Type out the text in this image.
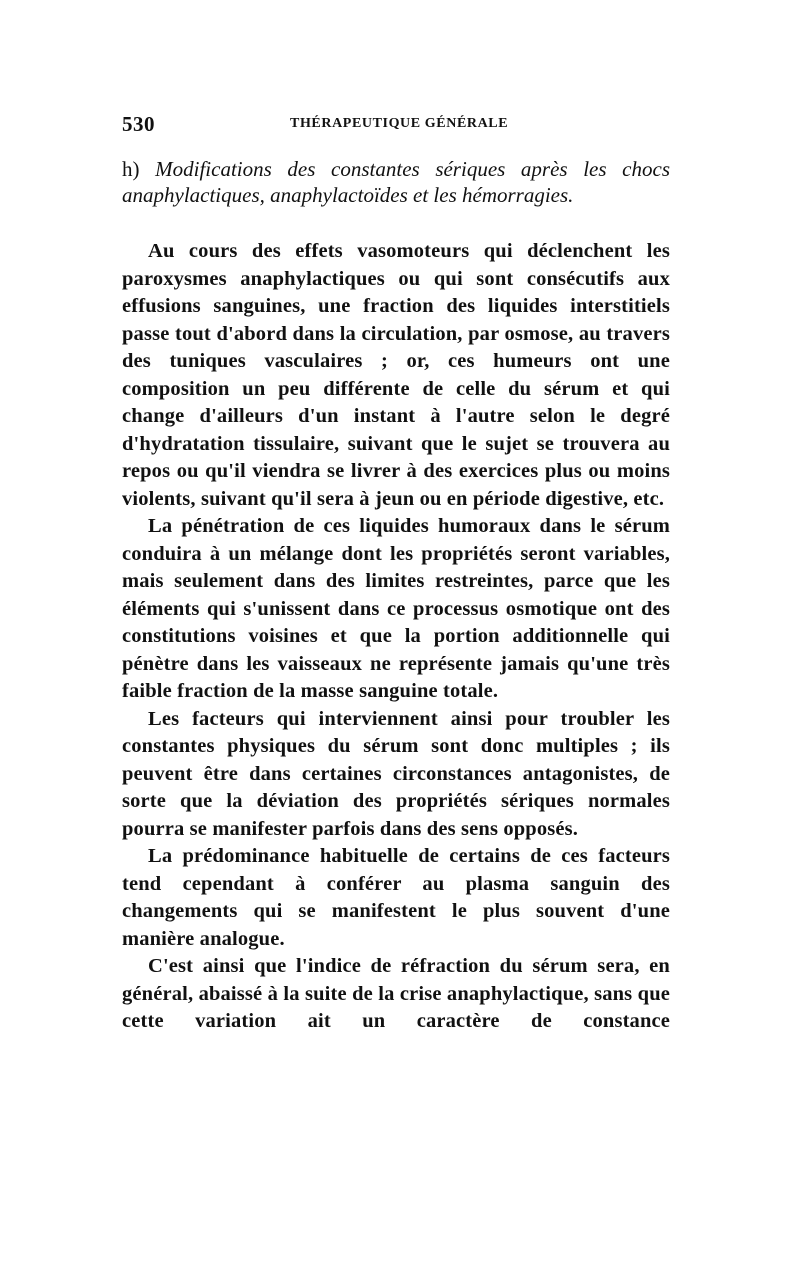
530	THÉRAPEUTIQUE GÉNÉRALE
h) Modifications des constantes sériques après les chocs anaphylactiques, anaphylactoïdes et les hémorragies.

Au cours des effets vasomoteurs qui déclenchent les paroxysmes anaphylactiques ou qui sont consécutifs aux effusions sanguines, une fraction des liquides interstitiels passe tout d'abord dans la circulation, par osmose, au travers des tuniques vasculaires ; or, ces humeurs ont une composition un peu différente de celle du sérum et qui change d'ailleurs d'un instant à l'autre selon le degré d'hydratation tissulaire, suivant que le sujet se trouvera au repos ou qu'il viendra se livrer à des exercices plus ou moins violents, suivant qu'il sera à jeun ou en période digestive, etc.

La pénétration de ces liquides humoraux dans le sérum conduira à un mélange dont les propriétés seront variables, mais seulement dans des limites restreintes, parce que les éléments qui s'unissent dans ce processus osmotique ont des constitutions voisines et que la portion additionnelle qui pénètre dans les vaisseaux ne représente jamais qu'une très faible fraction de la masse sanguine totale.

Les facteurs qui interviennent ainsi pour troubler les constantes physiques du sérum sont donc multiples ; ils peuvent être dans certaines circonstances antagonistes, de sorte que la déviation des propriétés sériques normales pourra se manifester parfois dans des sens opposés.

La prédominance habituelle de certains de ces facteurs tend cependant à conférer au plasma sanguin des changements qui se manifestent le plus souvent d'une manière analogue.

C'est ainsi que l'indice de réfraction du sérum sera, en général, abaissé à la suite de la crise anaphylactique, sans que cette variation ait un caractère de constance
